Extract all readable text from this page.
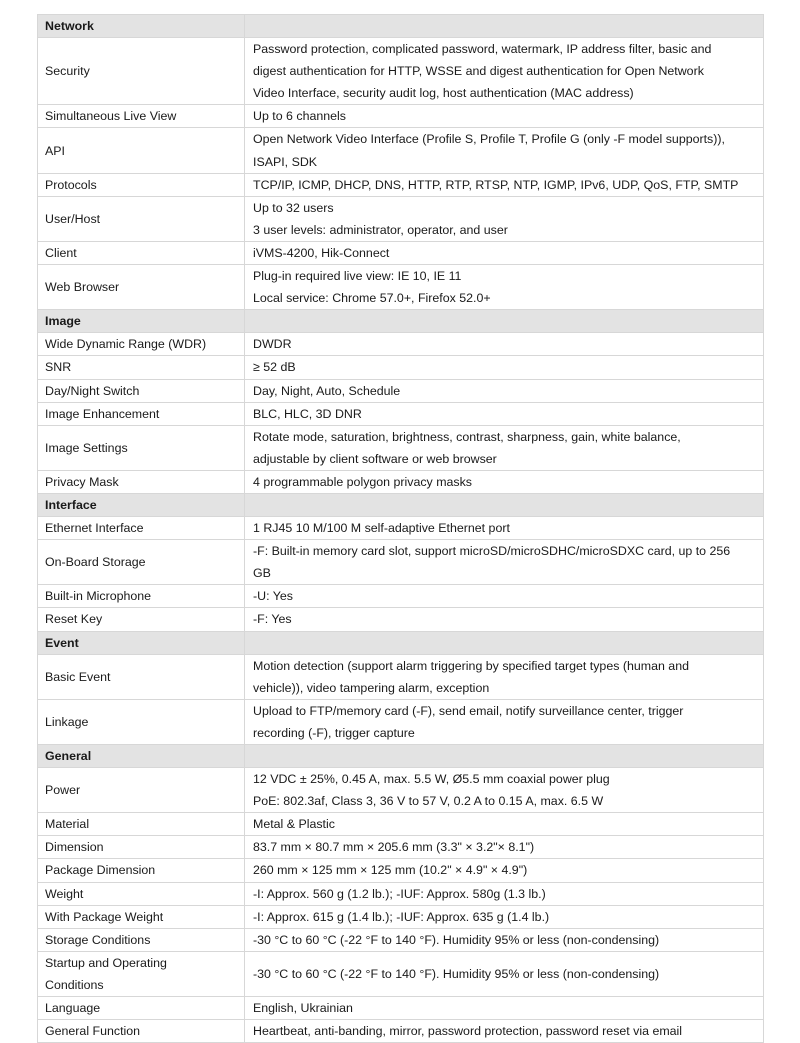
Network	
Security	Password protection, complicated password, watermark, IP address filter, basic and
digest authentication for HTTP, WSSE and digest authentication for Open Network
Video Interface, security audit log, host authentication (MAC address)

Simultaneous Live View	Up to 6 channels

API	Open Network Video Interface (Profile S, Profile T, Profile G (only -F model supports)),
ISAPI, SDK

Protocols	TCP/IP, ICMP, DHCP, DNS, HTTP, RTP, RTSP, NTP, IGMP, IPv6, UDP, QoS, FTP, SMTP

User/Host	Up to 32 users
3 user levels: administrator, operator, and user

Client	iVMS-4200, Hik-Connect

Web Browser	Plug-in required live view: IE 10, IE 11
Local service: Chrome 57.0+, Firefox 52.0+

Image	
Wide Dynamic Range (WDR)	DWDR

SNR	≥ 52 dB

Day/Night Switch	Day, Night, Auto, Schedule

Image Enhancement	BLC, HLC, 3D DNR

Image Settings	Rotate mode, saturation, brightness, contrast, sharpness, gain, white balance,
adjustable by client software or web browser

Privacy Mask	4 programmable polygon privacy masks

Interface	
Ethernet Interface	1 RJ45 10 M/100 M self-adaptive Ethernet port

On-Board Storage	-F: Built-in memory card slot, support microSD/microSDHC/microSDXC card, up to 256
GB

Built-in Microphone	-U: Yes

Reset Key	-F: Yes

Event	
Basic Event	Motion detection (support alarm triggering by specified target types (human and
vehicle)), video tampering alarm, exception

Linkage	Upload to FTP/memory card (-F), send email, notify surveillance center, trigger
recording (-F), trigger capture

General	
Power	12 VDC ± 25%, 0.45 A, max. 5.5 W, Ø5.5 mm coaxial power plug
PoE: 802.3af, Class 3, 36 V to 57 V, 0.2 A to 0.15 A, max. 6.5 W

Material	Metal & Plastic

Dimension	83.7 mm × 80.7 mm × 205.6 mm (3.3" × 3.2"× 8.1")

Package Dimension	260 mm × 125 mm × 125 mm (10.2" × 4.9" × 4.9")

Weight	-I: Approx. 560 g (1.2 lb.); -IUF: Approx. 580g (1.3 lb.)

With Package Weight	-I: Approx. 615 g (1.4 lb.); -IUF: Approx. 635 g (1.4 lb.)

Storage Conditions	-30 °C to 60 °C (-22 °F to 140 °F). Humidity 95% or less (non-condensing)

Startup and Operating
Conditions	-30 °C to 60 °C (-22 °F to 140 °F). Humidity 95% or less (non-condensing)

Language	English, Ukrainian

General Function	Heartbeat, anti-banding, mirror, password protection, password reset via email
